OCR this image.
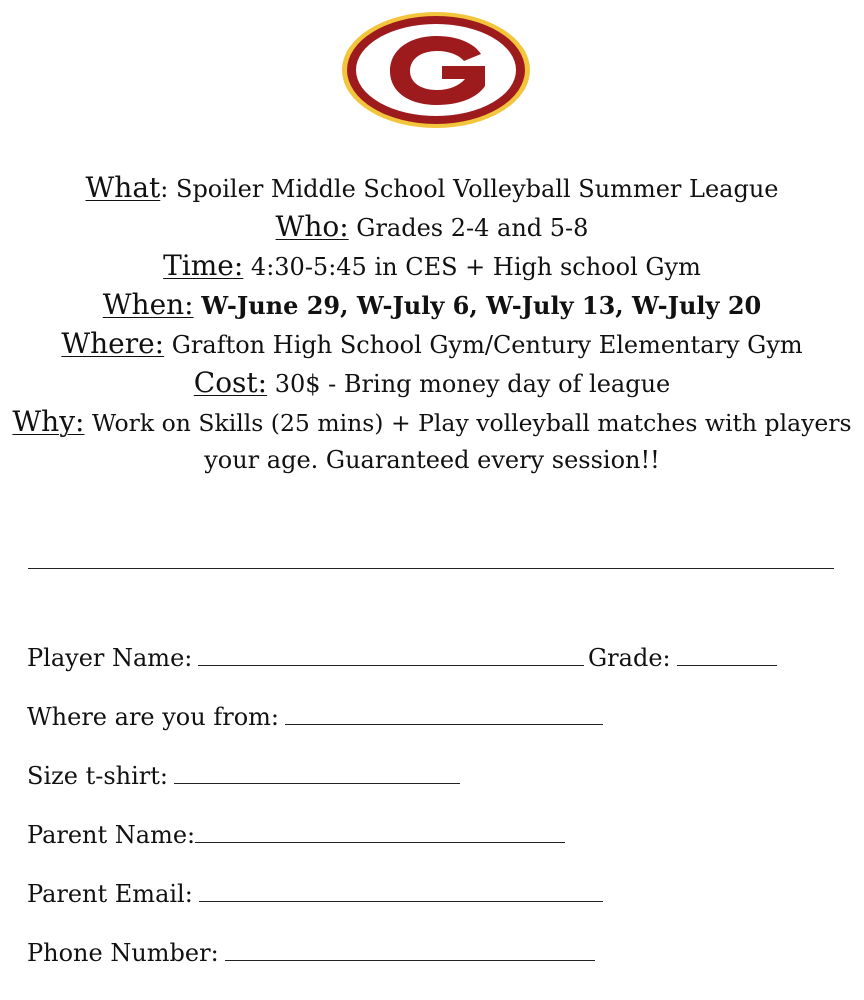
What: Spoiler Middle School Volleyball Summer League
Who: Grades 2-4 and 5-8
Time: 4:30-5:45 in CES + High school Gym
When: W-June 29, W-July 6, W-July 13, W-July 20
Where: Grafton High School Gym/Century Elementary Gym
Cost: 30$ - Bring money day of league
Why: Work on Skills (25 mins) + Play volleyball matches with players
your age. Guaranteed every session!!
Player Name:	Grade:
Where are you from:
Size t-shirt:
Parent Name:
Parent Email:
Phone Number:
